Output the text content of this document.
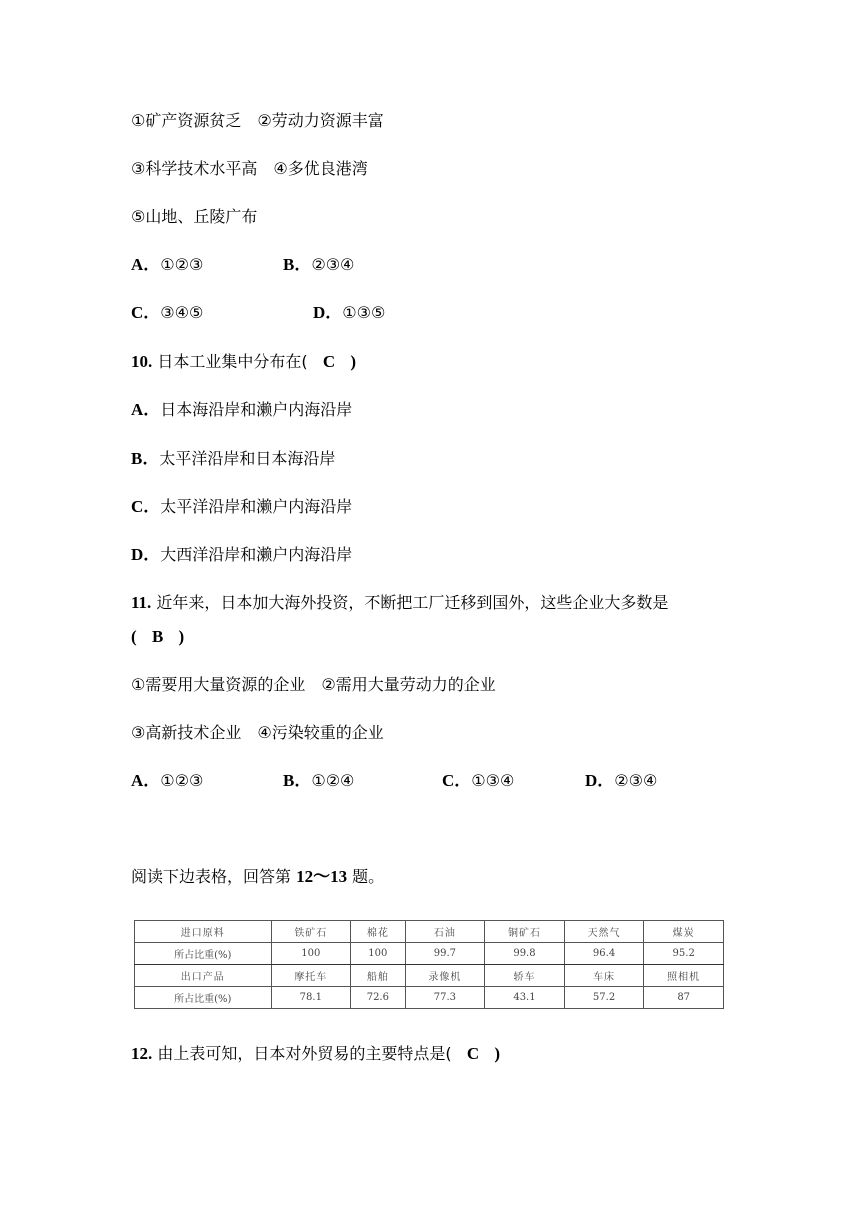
①矿产资源贫乏　②劳动力资源丰富
③科学技术水平高　④多优良港湾
⑤山地、丘陵广布
A．①②③	B．②③④
C．③④⑤	D．①③⑤
10. 日本工业集中分布在( C )
A．日本海沿岸和濑户内海沿岸
B．太平洋沿岸和日本海沿岸
C．太平洋沿岸和濑户内海沿岸
D．大西洋沿岸和濑户内海沿岸
11. 近年来，日本加大海外投资，不断把工厂迁移到国外，这些企业大多数是
( B )
①需要用大量资源的企业　②需用大量劳动力的企业
③高新技术企业　④污染较重的企业
A．①②③	B．①②④	C．①③④	D．②③④
阅读下边表格，回答第 12～13 题。
进口原料	铁矿石	棉花	石油	铜矿石	天然气	煤炭
所占比重(%)	100	100	99.7	99.8	96.4	95.2
出口产品	摩托车	船舶	录像机	轿车	车床	照相机
所占比重(%)	78.1	72.6	77.3	43.1	57.2	87
12. 由上表可知，日本对外贸易的主要特点是( C )
